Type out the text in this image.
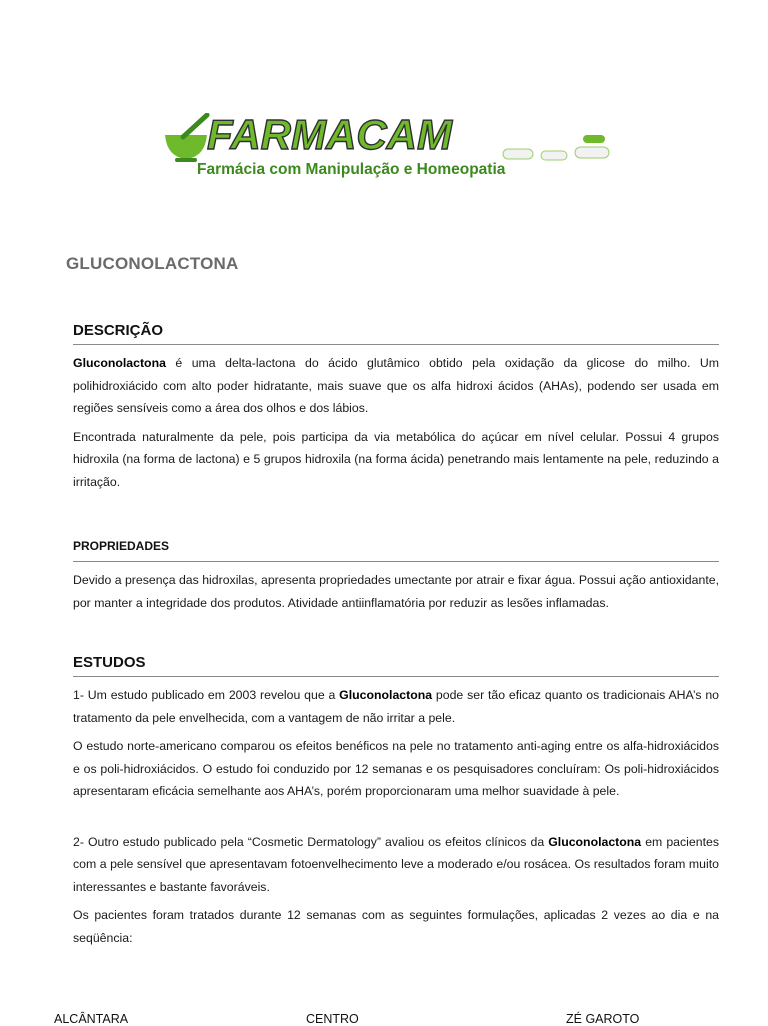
FARMACAM
Farmácia com Manipulação e Homeopatia
GLUCONOLACTONA
DESCRIÇÃO

Gluconolactona é uma delta-lactona do ácido glutâmico obtido pela oxidação da glicose do milho. Um polihidroxiácido com alto poder hidratante, mais suave que os alfa hidroxi ácidos (AHAs), podendo ser usada em regiões sensíveis como a área dos olhos e dos lábios.

Encontrada naturalmente da pele, pois participa da via metabólica do açúcar em nível celular. Possui 4 grupos hidroxila (na forma de lactona) e 5 grupos hidroxila (na forma ácida) penetrando mais lentamente na pele, reduzindo a irritação.

PROPRIEDADES

Devido a presença das hidroxilas, apresenta propriedades umectante por atrair e fixar água. Possui ação antioxidante, por manter a integridade dos produtos. Atividade antiinflamatória por reduzir as lesões inflamadas.

ESTUDOS

1- Um estudo publicado em 2003 revelou que a Gluconolactona pode ser tão eficaz quanto os tradicionais AHA’s no tratamento da pele envelhecida, com a vantagem de não irritar a pele.

O estudo norte-americano comparou os efeitos benéficos na pele no tratamento anti-aging entre os alfa-hidroxiácidos e os poli-hidroxiácidos. O estudo foi conduzido por 12 semanas e os pesquisadores concluíram: Os poli-hidroxiácidos apresentaram eficácia semelhante aos AHA’s, porém proporcionaram uma melhor suavidade à pele.

2- Outro estudo publicado pela “Cosmetic Dermatology” avaliou os efeitos clínicos da Gluconolactona em pacientes com a pele sensível que apresentavam fotoenvelhecimento leve a moderado e/ou rosácea. Os resultados foram muito interessantes e bastante favoráveis.

Os pacientes foram tratados durante 12 semanas com as seguintes formulações, aplicadas 2 vezes ao dia e na seqüência:

ALCÂNTARA	CENTRO	ZÉ GAROTO
